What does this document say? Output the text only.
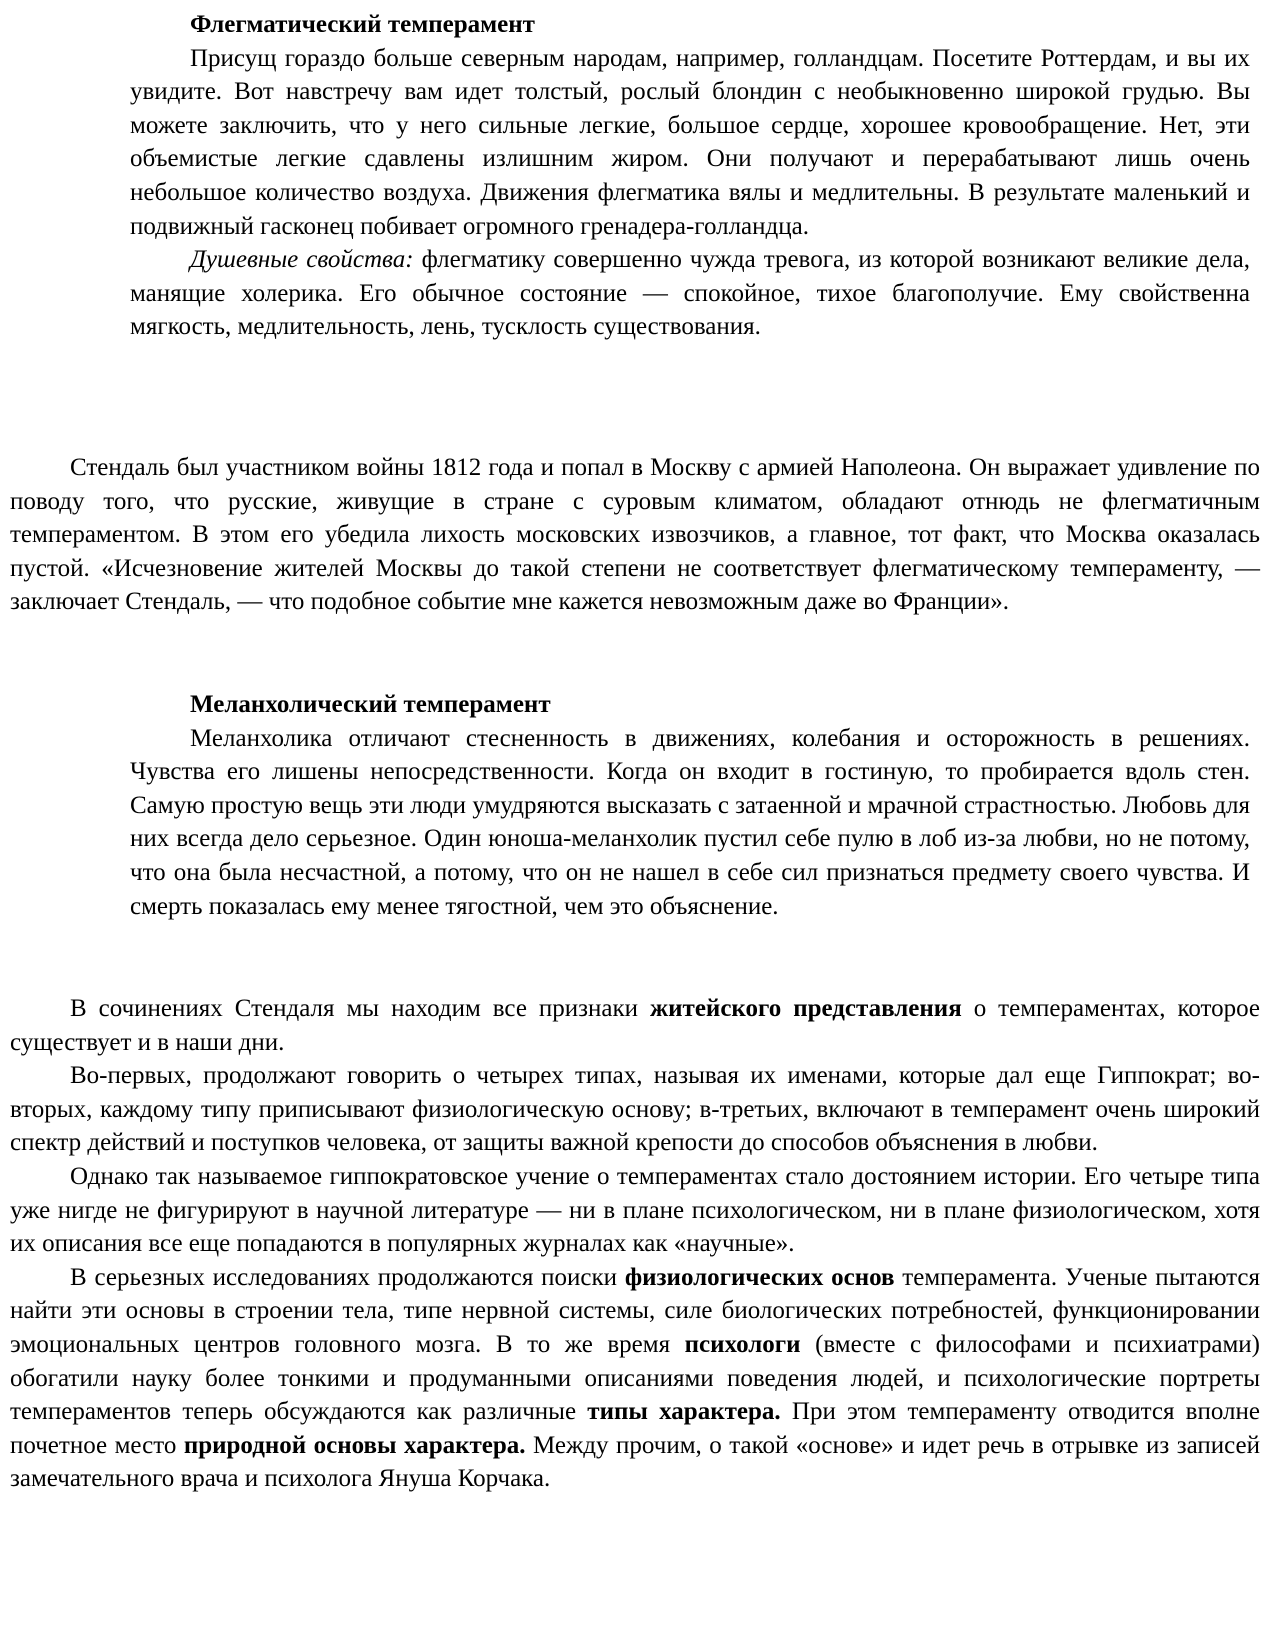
Флегматический темперамент

Присущ гораздо больше северным народам, например, голландцам. Посетите Роттердам, и вы их увидите. Вот навстречу вам идет толстый, рослый блондин с необыкновенно широкой грудью. Вы можете заключить, что у него сильные легкие, большое сердце, хорошее кровообращение. Нет, эти объемистые легкие сдавлены излишним жиром. Они получают и перерабатывают лишь очень небольшое количество воздуха. Движения флегматика вялы и медлительны. В результате маленький и подвижный гасконец побивает огромного гренадера-голландца.

Душевные свойства: флегматику совершенно чужда тревога, из которой возникают великие дела, манящие холерика. Его обычное состояние — спокойное, тихое благополучие. Ему свойственна мягкость, медлительность, лень, тусклость существования.

Стендаль был участником войны 1812 года и попал в Москву с армией Наполеона. Он выражает удивление по поводу того, что русские, живущие в стране с суровым климатом, обладают отнюдь не флегматичным темпераментом. В этом его убедила лихость московских извозчиков, а главное, тот факт, что Москва оказалась пустой. «Исчезновение жителей Москвы до такой степени не соответствует флегматическому темпераменту, — заключает Стендаль, — что подобное событие мне кажется невозможным даже во Франции».

Меланхолический темперамент

Меланхолика отличают стесненность в движениях, колебания и осторожность в решениях. Чувства его лишены непосредственности. Когда он входит в гостиную, то пробирается вдоль стен. Самую простую вещь эти люди умудряются высказать с затаенной и мрачной страстностью. Любовь для них всегда дело серьезное. Один юноша-меланхолик пустил себе пулю в лоб из-за любви, но не потому, что она была несчастной, а потому, что он не нашел в себе сил признаться предмету своего чувства. И смерть показалась ему менее тягостной, чем это объяснение.

В сочинениях Стендаля мы находим все признаки житейского представления о темпераментах, которое существует и в наши дни.

Во-первых, продолжают говорить о четырех типах, называя их именами, которые дал еще Гиппократ; во-вторых, каждому типу приписывают физиологическую основу; в-третьих, включают в темперамент очень широкий спектр действий и поступков человека, от защиты важной крепости до способов объяснения в любви.

Однако так называемое гиппократовское учение о темпераментах стало достоянием истории. Его четыре типа уже нигде не фигурируют в научной литературе — ни в плане психологическом, ни в плане физиологическом, хотя их описания все еще попадаются в популярных журналах как «научные».

В серьезных исследованиях продолжаются поиски физиологических основ темперамента. Ученые пытаются найти эти основы в строении тела, типе нервной системы, силе биологических потребностей, функционировании эмоциональных центров головного мозга. В то же время психологи (вместе с философами и психиатрами) обогатили науку более тонкими и продуманными описаниями поведения людей, и психологические портреты темпераментов теперь обсуждаются как различные типы характера. При этом темпераменту отводится вполне почетное место природной основы характера. Между прочим, о такой «основе» и идет речь в отрывке из записей замечательного врача и психолога Януша Корчака.
